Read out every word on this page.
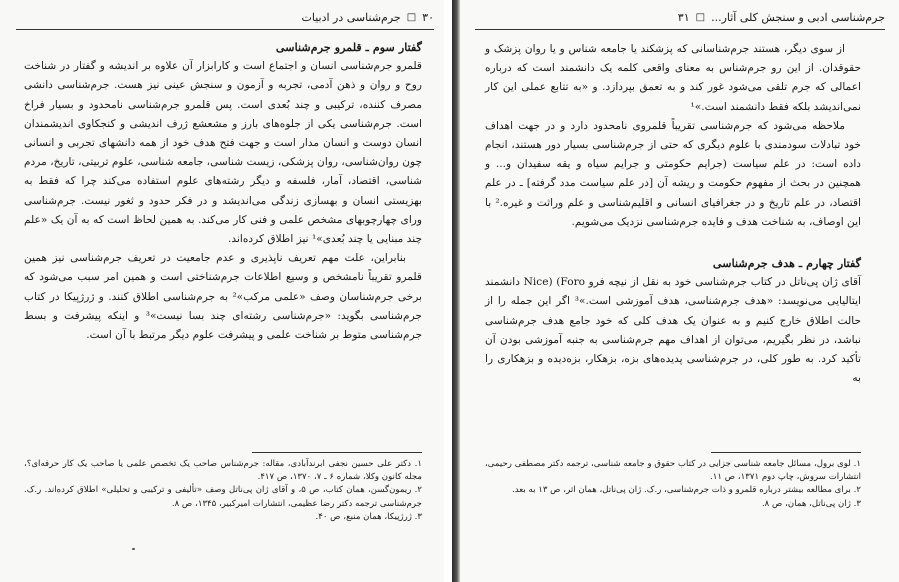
۳۰
□
جرم‌شناسی در ادبیات

گفتار سوم ـ قلمرو جرم‌شناسی

قلمرو جرم‌شناسی انسان و اجتماع است و کارابزار آن علاوه بر اندیشه و گفتار در شناخت روح و روان و ذهن آدمی، تجربه و آزمون و سنجش عینی نیز هست. جرم‌شناسی دانشی مصرف کننده، ترکیبی و چند بُعدی است. پس قلمرو جرم‌شناسی نامحدود و بسیار فراخ است. جرم‌شناسی یکی از جلوه‌های بارز و مشعشع ژرف اندیشی و کنجکاوی اندیشمندان انسان دوست و انسان مدار است و جهت فتح هدف خود از همه دانشهای تجربی و انسانی چون روان‌شناسی، روان پزشکی، زیست شناسی، جامعه شناسی، علوم تربیتی، تاریخ، مردم شناسی، اقتصاد، آمار، فلسفه و دیگر رشته‌های علوم استفاده می‌کند چرا که فقط به بهزیستی انسان و بهسازی زندگی می‌اندیشد و در فکر حدود و ثغور نیست. جرم‌شناسی ورای چهارچوبهای مشخص علمی و فنی کار می‌کند. به همین لحاظ است که به آن یک «علم چند مبنایی یا چند بُعدی»¹ نیز اطلاق کرده‌اند.

بنابراین، علت مهم تعریف ناپذیری و عدم جامعیت در تعریف جرم‌شناسی نیز همین قلمرو تقریباً نامشخص و وسیع اطلاعات جرم‌شناختی است و همین امر سبب می‌شود که برخی جرم‌شناسان وصف «علمی مرکب»² به جرم‌شناسی اطلاق کنند. و ژرژپیکا در کتاب جرم‌شناسی بگوید: «جرم‌شناسی رشته‌ای چند بسا نیست»³ و اینکه پیشرفت و بسط جرم‌شناسی متوط بر شناخت علمی و پیشرفت علوم دیگر مرتبط با آن است.

۱. دکتر علی حسین نجفی ابرندآبادی، مقاله: جرم‌شناس صاحب یک تخصص علمی یا صاحب یک کار حرفه‌ای؟، مجله کانون وکلا، شماره ۶ ـ ۷، ۱۳۷۰، ص ۴۱۷.

۲. ریمون‌گسن، همان کتاب، ص ۵، و آقای ژان پی‌ناتل وصف «تألیفی و ترکیبی و تحلیلی» اطلاق کرده‌اند. ر.ک. جرم‌شناسی ترجمه دکتر رضا عظیمی، انتشارات امیرکبیر، ۱۳۴۵، ص ۸.

۳. ژرژپیکا، همان منبع، ص ۴۰.

جرم‌شناسی ادبی و سنجش کلی آثار...
□
۳۱

از سوی دیگر، هستند جرم‌شناسانی که پزشکند یا جامعه شناس و یا روان پزشک و حقوقدان. از این رو جرم‌شناس به معنای واقعی کلمه یک دانشمند است که درباره اعمالی که جرم تلقی می‌شود غور کند و به تعمق بپردازد. و «به تتابع عملی این کار نمی‌اندیشد بلکه فقط دانشمند است.»¹

ملاحظه می‌شود که جرم‌شناسی تقریباً قلمروی نامحدود دارد و در جهت اهداف خود تبادلات سودمندی با علوم دیگری که حتی از جرم‌شناسی بسیار دور هستند، انجام داده است: در علم سیاست (جرایم حکومتی و جرایم سیاه و یقه سفیدان و... و همچنین در بحث از مفهوم حکومت و ریشه آن [در علم سیاست مدد گرفته] ـ در علم اقتصاد، در علم تاریخ و در جغرافیای انسانی و اقلیم‌شناسی و علم وراثت و غیره.² با این اوصاف، به شناخت هدف و فایده جرم‌شناسی نزدیک می‌شویم.

گفتار چهارم ـ هدف جرم‌شناسی

آقای ژان پی‌ناتل در کتاب جرم‌شناسی خود به نقل از نیچه فرو Nice) (Foro دانشمند ایتالیایی می‌نویسد: «هدف جرم‌شناسی، هدف آموزشی است.»³ اگر این جمله را از حالت اطلاق خارج کنیم و به عنوان یک هدف کلی که خود جامع هدف جرم‌شناسی نباشد، در نظر بگیریم، می‌توان از اهداف مهم جرم‌شناسی به جنبه آموزشی بودن آن تأکید کرد. به طور کلی، در جرم‌شناسی پدیده‌های بزه، بزهکار، بزه‌دیده و بزهکاری را به

۱. لوی برول، مسائل جامعه شناسی جزایی در کتاب حقوق و جامعه شناسی، ترجمه دکتر مصطفی رحیمی، انتشارات سروش، چاپ دوم ۱۳۷۱، ص ۱۱.

۲. برای مطالعه بیشتر درباره قلمرو و ذات جرم‌شناسی، ر.ک. ژان پی‌ناتل، همان اثر، ص ۱۳ به بعد.

۳. ژان پی‌ناتل، همان، ص ۸.
